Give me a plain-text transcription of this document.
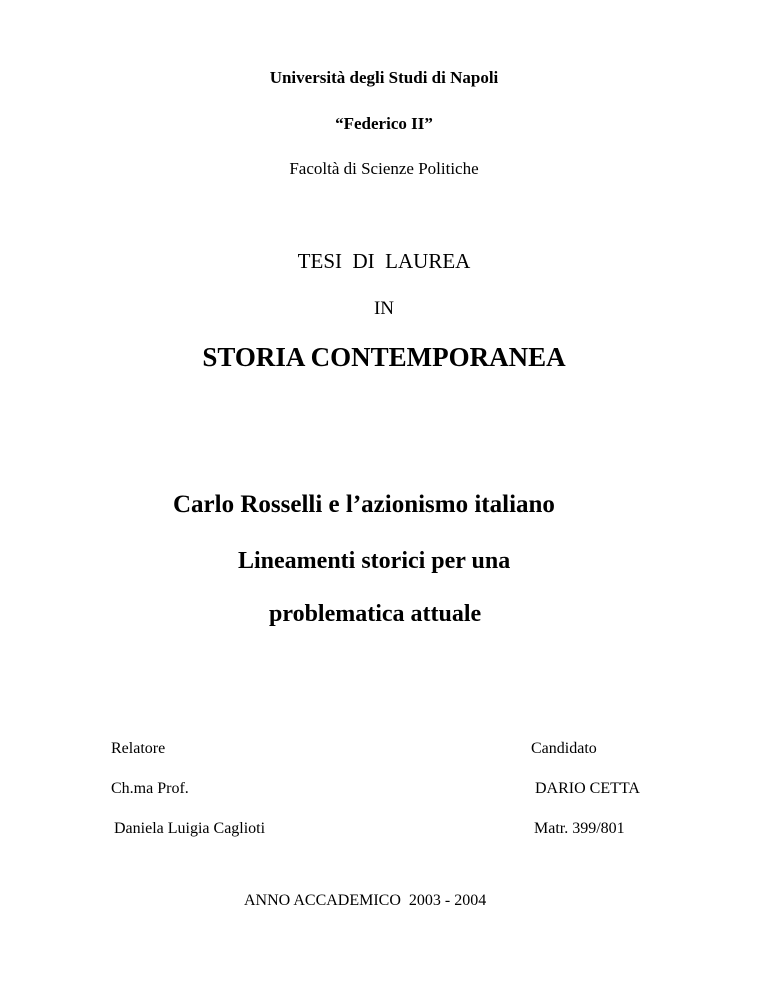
Università degli Studi di Napoli
“Federico II”
Facoltà di Scienze Politiche
TESI  DI  LAUREA
IN
STORIA CONTEMPORANEA
Carlo Rosselli e l’azionismo italiano
Lineamenti storici per una
problematica attuale
Relatore
Ch.ma Prof.
Daniela Luigia Caglioti
Candidato
DARIO CETTA
Matr. 399/801
ANNO ACCADEMICO  2003 - 2004
